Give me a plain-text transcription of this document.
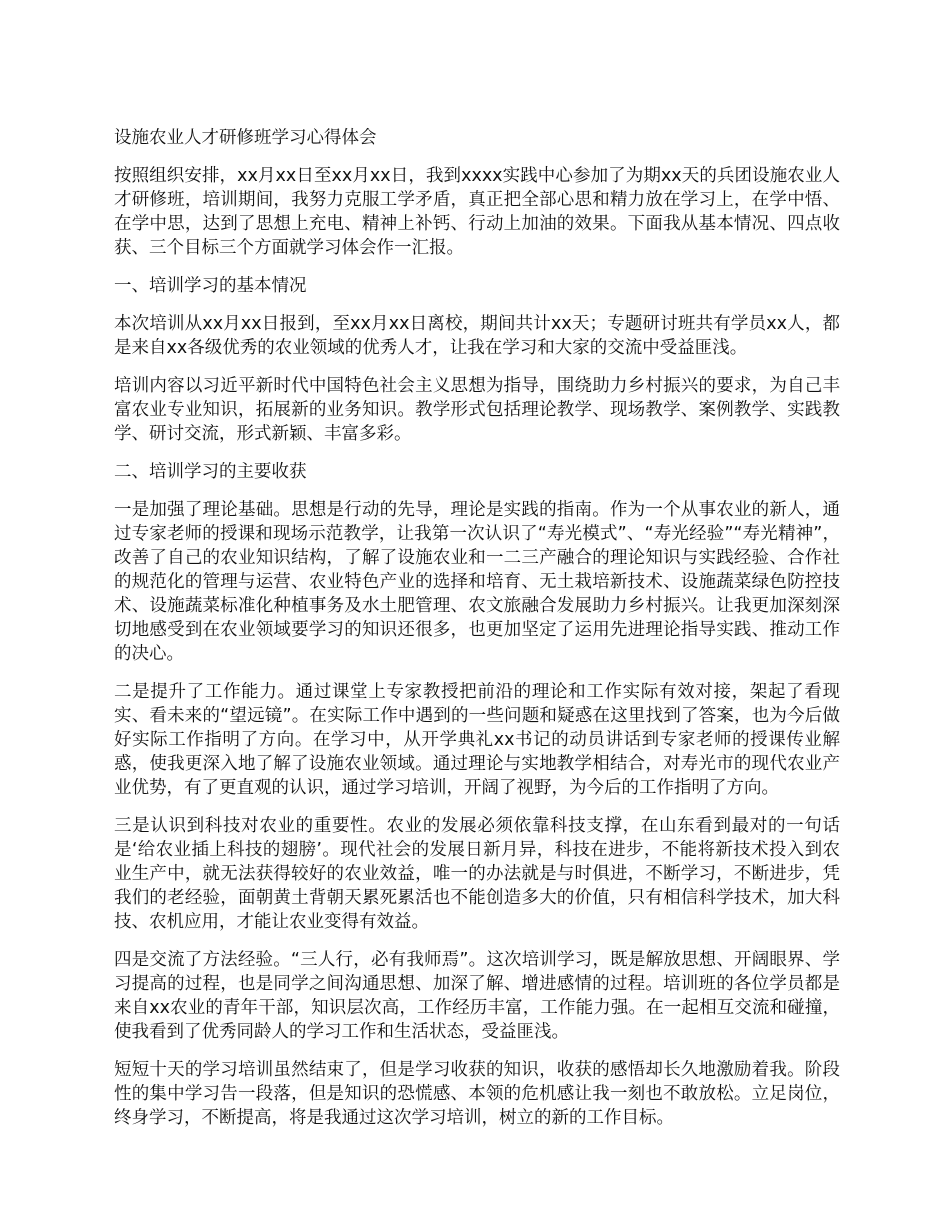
设施农业人才研修班学习心得体会

按照组织安排，xx月xx日至xx月xx日，我到xxxx实践中心参加了为期xx天的兵团设施农业人才研修班，培训期间，我努力克服工学矛盾，真正把全部心思和精力放在学习上，在学中悟、在学中思，达到了思想上充电、精神上补钙、行动上加油的效果。下面我从基本情况、四点收获、三个目标三个方面就学习体会作一汇报。

一、培训学习的基本情况

本次培训从xx月xx日报到，至xx月xx日离校，期间共计xx天；专题研讨班共有学员xx人，都是来自xx各级优秀的农业领域的优秀人才，让我在学习和大家的交流中受益匪浅。

培训内容以习近平新时代中国特色社会主义思想为指导，围绕助力乡村振兴的要求，为自己丰富农业专业知识，拓展新的业务知识。教学形式包括理论教学、现场教学、案例教学、实践教学、研讨交流，形式新颖、丰富多彩。

二、培训学习的主要收获

一是加强了理论基础。思想是行动的先导，理论是实践的指南。作为一个从事农业的新人，通过专家老师的授课和现场示范教学，让我第一次认识了“寿光模式”、“寿光经验”“寿光精神”，改善了自己的农业知识结构，了解了设施农业和一二三产融合的理论知识与实践经验、合作社的规范化的管理与运营、农业特色产业的选择和培育、无土栽培新技术、设施蔬菜绿色防控技术、设施蔬菜标准化种植事务及水土肥管理、农文旅融合发展助力乡村振兴。让我更加深刻深切地感受到在农业领域要学习的知识还很多，也更加坚定了运用先进理论指导实践、推动工作的决心。

二是提升了工作能力。通过课堂上专家教授把前沿的理论和工作实际有效对接，架起了看现实、看未来的“望远镜”。在实际工作中遇到的一些问题和疑惑在这里找到了答案，也为今后做好实际工作指明了方向。在学习中，从开学典礼xx书记的动员讲话到专家老师的授课传业解惑，使我更深入地了解了设施农业领域。通过理论与实地教学相结合，对寿光市的现代农业产业优势，有了更直观的认识，通过学习培训，开阔了视野，为今后的工作指明了方向。

三是认识到科技对农业的重要性。农业的发展必须依靠科技支撑，在山东看到最对的一句话是‘给农业插上科技的翅膀’。现代社会的发展日新月异，科技在进步，不能将新技术投入到农业生产中，就无法获得较好的农业效益，唯一的办法就是与时俱进，不断学习，不断进步，凭我们的老经验，面朝黄土背朝天累死累活也不能创造多大的价值，只有相信科学技术，加大科技、农机应用，才能让农业变得有效益。

四是交流了方法经验。“三人行，必有我师焉”。这次培训学习，既是解放思想、开阔眼界、学习提高的过程，也是同学之间沟通思想、加深了解、增进感情的过程。培训班的各位学员都是来自xx农业的青年干部，知识层次高，工作经历丰富，工作能力强。在一起相互交流和碰撞，使我看到了优秀同龄人的学习工作和生活状态，受益匪浅。

短短十天的学习培训虽然结束了，但是学习收获的知识，收获的感悟却长久地激励着我。阶段性的集中学习告一段落，但是知识的恐慌感、本领的危机感让我一刻也不敢放松。立足岗位，终身学习，不断提高，将是我通过这次学习培训，树立的新的工作目标。
